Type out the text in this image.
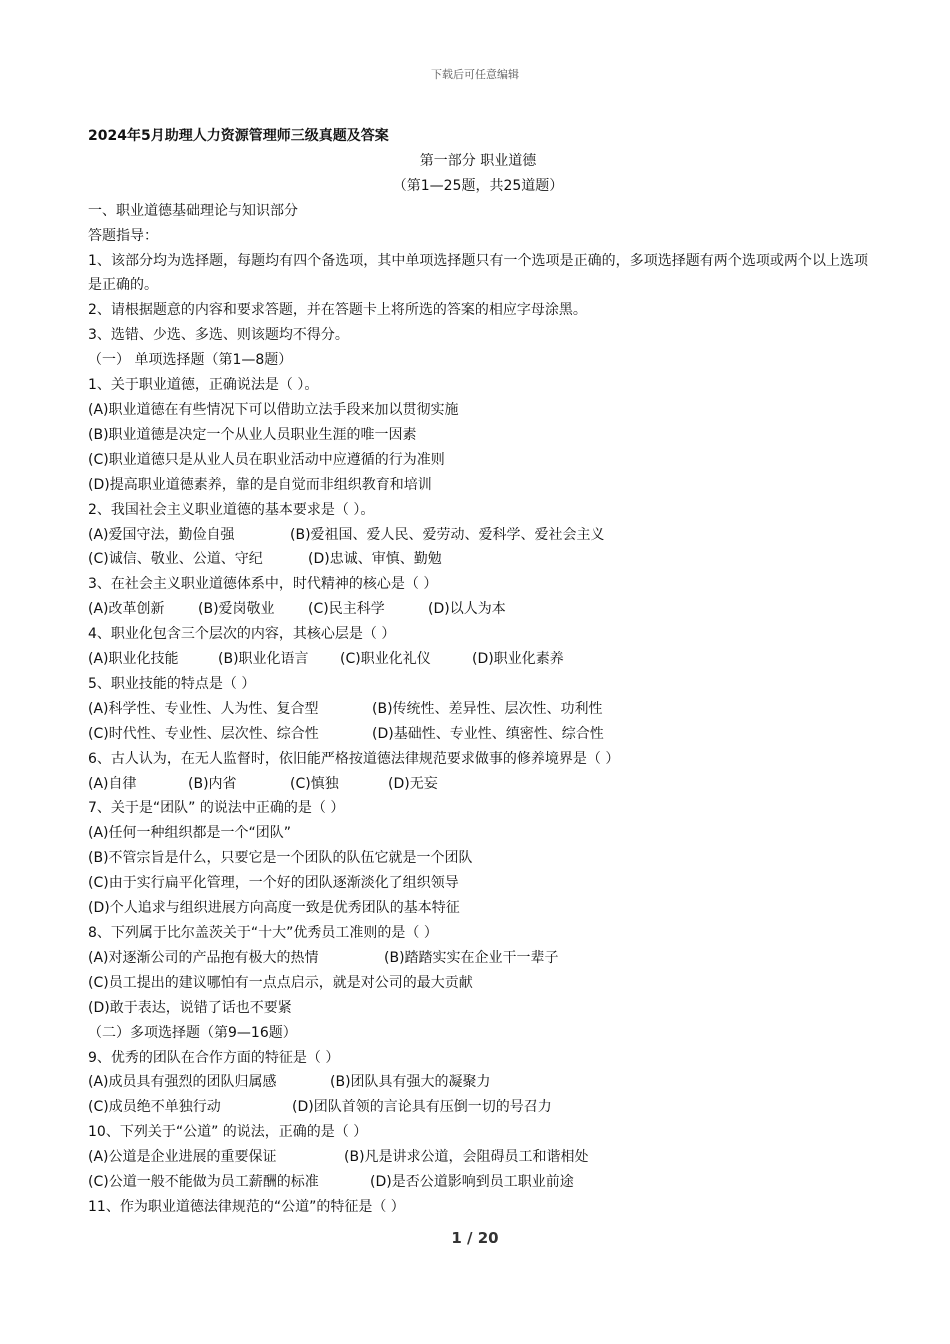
下载后可任意编辑
2024年5月助理人力资源管理师三级真题及答案
第一部分 职业道德
（第1—25题，共25道题）
一、职业道德基础理论与知识部分
答题指导：
1、该部分均为选择题，每题均有四个备选项，其中单项选择题只有一个选项是正确的，多项选择题有两个选项或两个以上选项是正确的。
2、请根据题意的内容和要求答题，并在答题卡上将所选的答案的相应字母涂黑。
3、选错、少选、多选、则该题均不得分。
（一） 单项选择题（第1—8题）
1、关于职业道德，正确说法是（ ）。
(A)职业道德在有些情况下可以借助立法手段来加以贯彻实施
(B)职业道德是决定一个从业人员职业生涯的唯一因素
(C)职业道德只是从业人员在职业活动中应遵循的行为准则
(D)提高职业道德素养，靠的是自觉而非组织教育和培训
2、我国社会主义职业道德的基本要求是（ ）。
(A)爱国守法，勤俭自强	(B)爱祖国、爱人民、爱劳动、爱科学、爱社会主义
(C)诚信、敬业、公道、守纪	(D)忠诚、审慎、勤勉
3、在社会主义职业道德体系中，时代精神的核心是（ ）
(A)改革创新 (B)爱岗敬业 (C)民主科学	(D)以人为本
4、职业化包含三个层次的内容，其核心层是（ ）
(A)职业化技能	(B)职业化语言 (C)职业化礼仪	(D)职业化素养
5、职业技能的特点是（ ）
(A)科学性、专业性、人为性、复合型	(B)传统性、差异性、层次性、功利性
(C)时代性、专业性、层次性、综合性	(D)基础性、专业性、缜密性、综合性
6、古人认为，在无人监督时，依旧能严格按道德法律规范要求做事的修养境界是（ ）
(A)自律	(B)内省	(C)慎独	(D)无妄
7、关于是“团队” 的说法中正确的是（ ）
(A)任何一种组织都是一个“团队”
(B)不管宗旨是什么，只要它是一个团队的队伍它就是一个团队
(C)由于实行扁平化管理，一个好的团队逐渐淡化了组织领导
(D)个人追求与组织进展方向高度一致是优秀团队的基本特征
8、下列属于比尔盖茨关于“十大”优秀员工准则的是（ ）
(A)对逐渐公司的产品抱有极大的热情	(B)踏踏实实在企业干一辈子
(C)员工提出的建议哪怕有一点点启示，就是对公司的最大贡献
(D)敢于表达，说错了话也不要紧
（二）多项选择题（第9—16题）
9、优秀的团队在合作方面的特征是（ ）
(A)成员具有强烈的团队归属感	(B)团队具有强大的凝聚力
(C)成员绝不单独行动	(D)团队首领的言论具有压倒一切的号召力
10、下列关于“公道” 的说法，正确的是（ ）
(A)公道是企业进展的重要保证	(B)凡是讲求公道，会阻碍员工和谐相处
(C)公道一般不能做为员工薪酬的标准	(D)是否公道影响到员工职业前途
11、作为职业道德法律规范的“公道”的特征是（ ）
1 / 20
